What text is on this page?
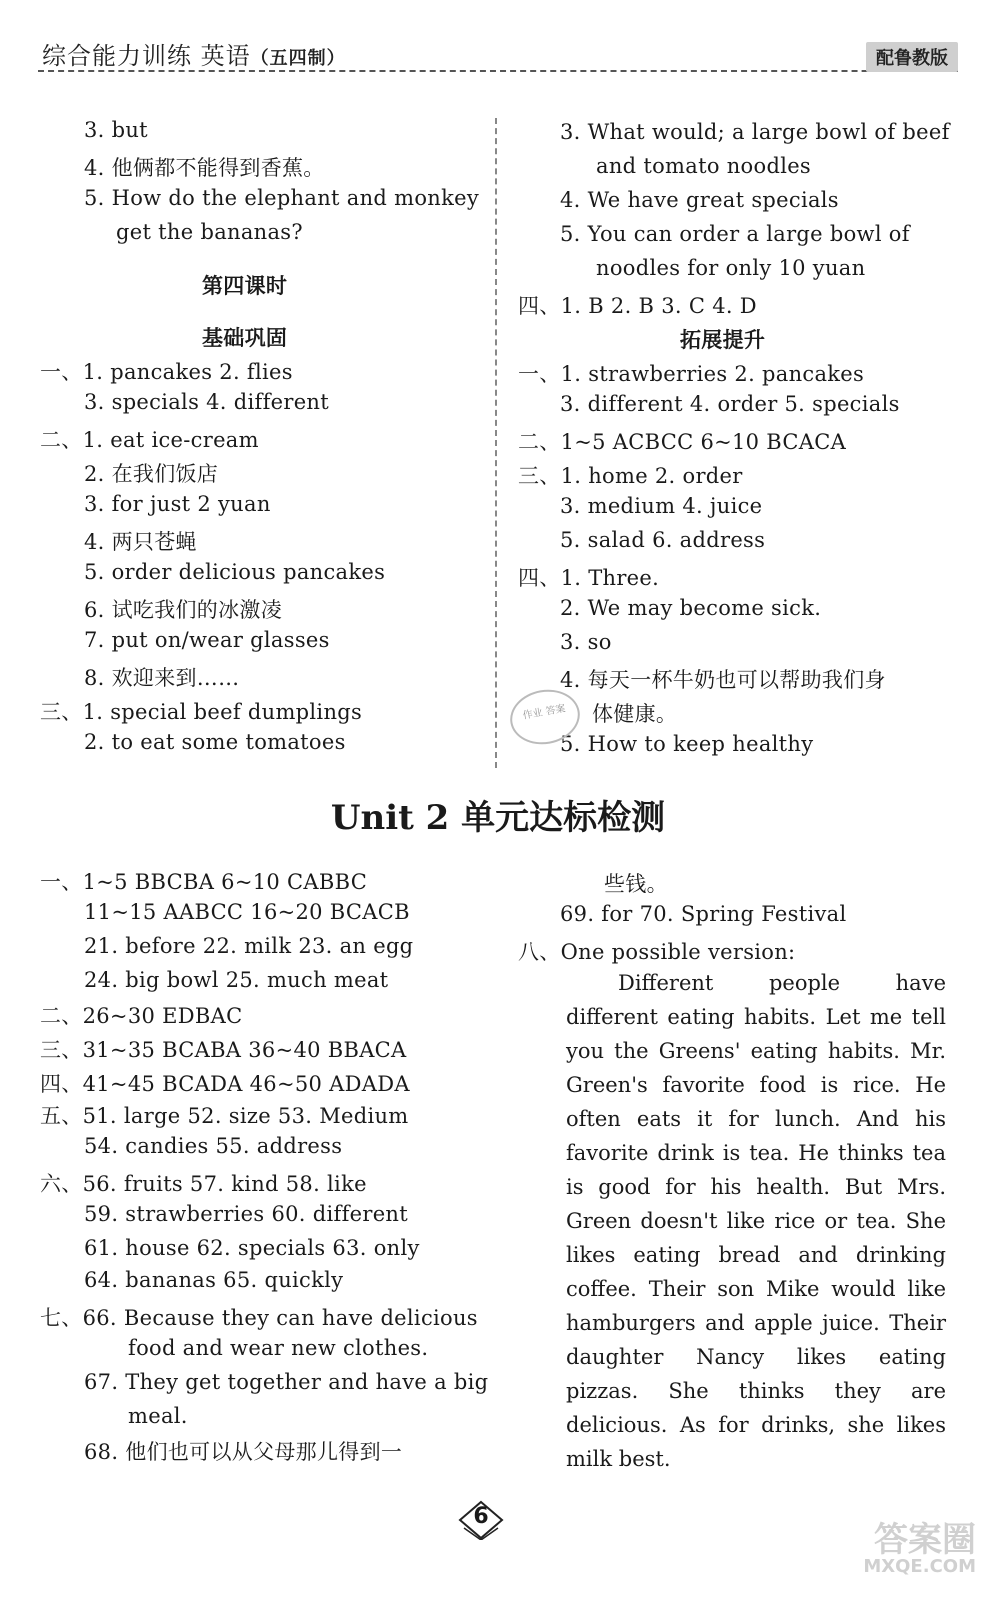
综合能力训练 英语（五四制）	配鲁教版
3. but
4. 他俩都不能得到香蕉。
5. How do the elephant and monkey
get the bananas?
第四课时
基础巩固
一、1. pancakes 2. flies
3. specials 4. different
二、1. eat ice-cream
2. 在我们饭店
3. for just 2 yuan
4. 两只苍蝇
5. order delicious pancakes
6. 试吃我们的冰激凌
7. put on/wear glasses
8. 欢迎来到……
三、1. special beef dumplings
2. to eat some tomatoes
3. What would; a large bowl of beef
and tomato noodles
4. We have great specials
5. You can order a large bowl of
noodles for only 10 yuan
四、1. B 2. B 3. C 4. D
拓展提升
一、1. strawberries 2. pancakes
3. different 4. order 5. specials
二、1~5 ACBCC 6~10 BCACA
三、1. home 2. order
3. medium 4. juice
5. salad 6. address
四、1. Three.
2. We may become sick.
3. so
4. 每天一杯牛奶也可以帮助我们身
体健康。
5. How to keep healthy

作业 答案
Unit 2 单元达标检测
一、1~5 BBCBA 6~10 CABBC
11~15 AABCC 16~20 BCACB
21. before 22. milk 23. an egg
24. big bowl 25. much meat
二、26~30 EDBAC
三、31~35 BCABA 36~40 BBACA
四、41~45 BCADA 46~50 ADADA
五、51. large 52. size 53. Medium
54. candies 55. address
六、56. fruits 57. kind 58. like
59. strawberries 60. different
61. house 62. specials 63. only
64. bananas 65. quickly
七、66. Because they can have delicious
food and wear new clothes.
67. They get together and have a big
meal.
68. 他们也可以从父母那儿得到一
些钱。
69. for 70. Spring Festival
八、One possible version:

Different people have different eating habits. Let me tell you the Greens' eating habits. Mr. Green's favorite food is rice. He often eats it for lunch. And his favorite drink is tea. He thinks tea is good for his health. But Mrs. Green doesn't like rice or tea. She likes eating bread and drinking coffee. Their son Mike would like hamburgers and apple juice. Their daughter Nancy likes eating pizzas. She thinks they are delicious. As for drinks, she likes milk best.

6
答案圈
MXQE.COM
